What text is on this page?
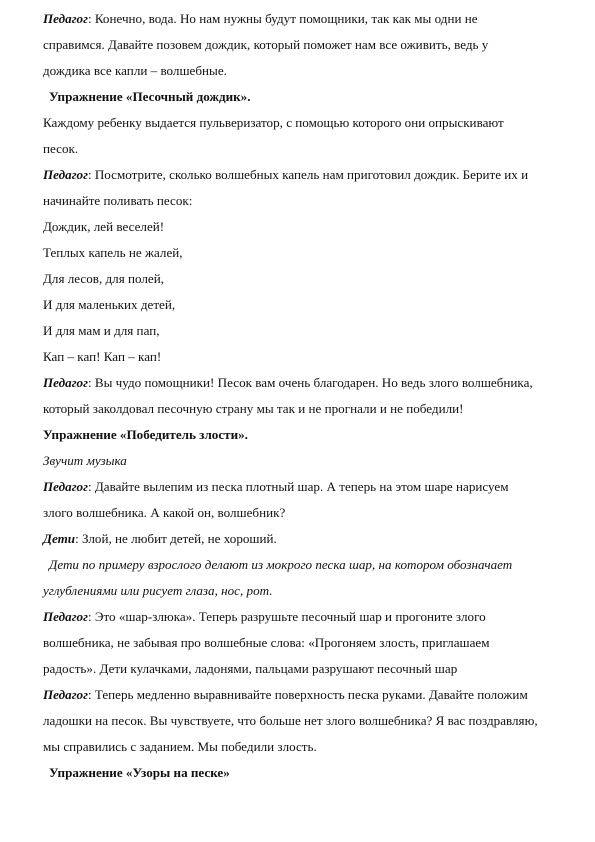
Педагог: Конечно, вода. Но нам нужны будут помощники, так как мы одни не
справимся. Давайте позовем дождик, который поможет нам все оживить, ведь у
дождика все капли – волшебные.
Упражнение «Песочный дождик».
Каждому ребенку выдается пульверизатор, с помощью которого они опрыскивают
песок.
Педагог: Посмотрите, сколько волшебных капель нам приготовил дождик. Берите их и
начинайте поливать песок:
Дождик, лей веселей!
Теплых капель не жалей,
Для лесов, для полей,
И для маленьких детей,
И для мам и для пап,
Кап – кап! Кап – кап!
Педагог: Вы чудо помощники! Песок вам очень благодарен. Но ведь злого волшебника,
который заколдовал песочную страну мы так и не прогнали и не победили!
Упражнение «Победитель злости».
Звучит музыка
Педагог: Давайте вылепим из песка плотный шар. А теперь на этом шаре нарисуем
злого волшебника. А какой он, волшебник?
Дети: Злой, не любит детей, не хороший.
Дети по примеру взрослого делают из мокрого песка шар, на котором обозначает
углублениями или рисует глаза, нос, рот.
Педагог: Это «шар-злюка». Теперь разрушьте песочный шар и прогоните злого
волшебника, не забывая про волшебные слова: «Прогоняем злость, приглашаем
радость». Дети кулачками, ладонями, пальцами разрушают песочный шар
Педагог: Теперь медленно выравнивайте поверхность песка руками. Давайте положим
ладошки на песок. Вы чувствуете, что больше нет злого волшебника? Я вас поздравляю,
мы справились с заданием. Мы победили злость.
Упражнение «Узоры на песке»
